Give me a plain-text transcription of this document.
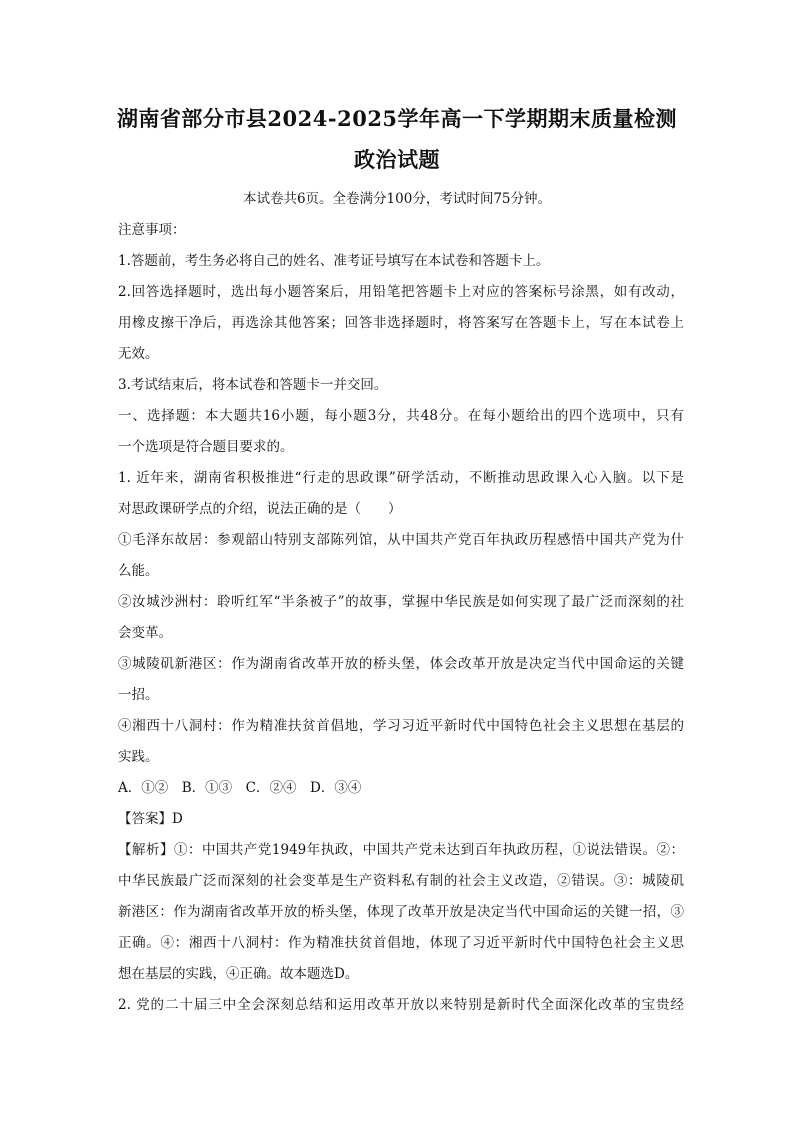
湖南省部分市县2024-2025学年高一下学期期末质量检测
政治试题
本试卷共6页。全卷满分100分，考试时间75分钟。
注意事项：
1.答题前，考生务必将自己的姓名、准考证号填写在本试卷和答题卡上。
2.回答选择题时，选出每小题答案后，用铅笔把答题卡上对应的答案标号涂黑，如有改动，
用橡皮擦干净后，再选涂其他答案；回答非选择题时，将答案写在答题卡上，写在本试卷上
无效。
3.考试结束后，将本试卷和答题卡一并交回。
一、选择题：本大题共16小题，每小题3分，共48分。在每小题给出的四个选项中，只有
一个选项是符合题目要求的。
1. 近年来，湖南省积极推进“行走的思政课”研学活动，不断推动思政课入心入脑。以下是
对思政课研学点的介绍，说法正确的是（　　）
①毛泽东故居：参观韶山特别支部陈列馆，从中国共产党百年执政历程感悟中国共产党为什
么能。
②汝城沙洲村：聆听红军“半条被子”的故事，掌握中华民族是如何实现了最广泛而深刻的社
会变革。
③城陵矶新港区：作为湖南省改革开放的桥头堡，体会改革开放是决定当代中国命运的关键
一招。
④湘西十八洞村：作为精准扶贫首倡地，学习习近平新时代中国特色社会主义思想在基层的
实践。
A．①②　B．①③　C．②④　D．③④
【答案】D
【解析】①：中国共产党1949年执政，中国共产党未达到百年执政历程，①说法错误。②：
中华民族最广泛而深刻的社会变革是生产资料私有制的社会主义改造，②错误。③：城陵矶
新港区：作为湖南省改革开放的桥头堡，体现了改革开放是决定当代中国命运的关键一招，③
正确。④：湘西十八洞村：作为精准扶贫首倡地，体现了习近平新时代中国特色社会主义思
想在基层的实践，④正确。故本题选D。
2. 党的二十届三中全会深刻总结和运用改革开放以来特别是新时代全面深化改革的宝贵经
